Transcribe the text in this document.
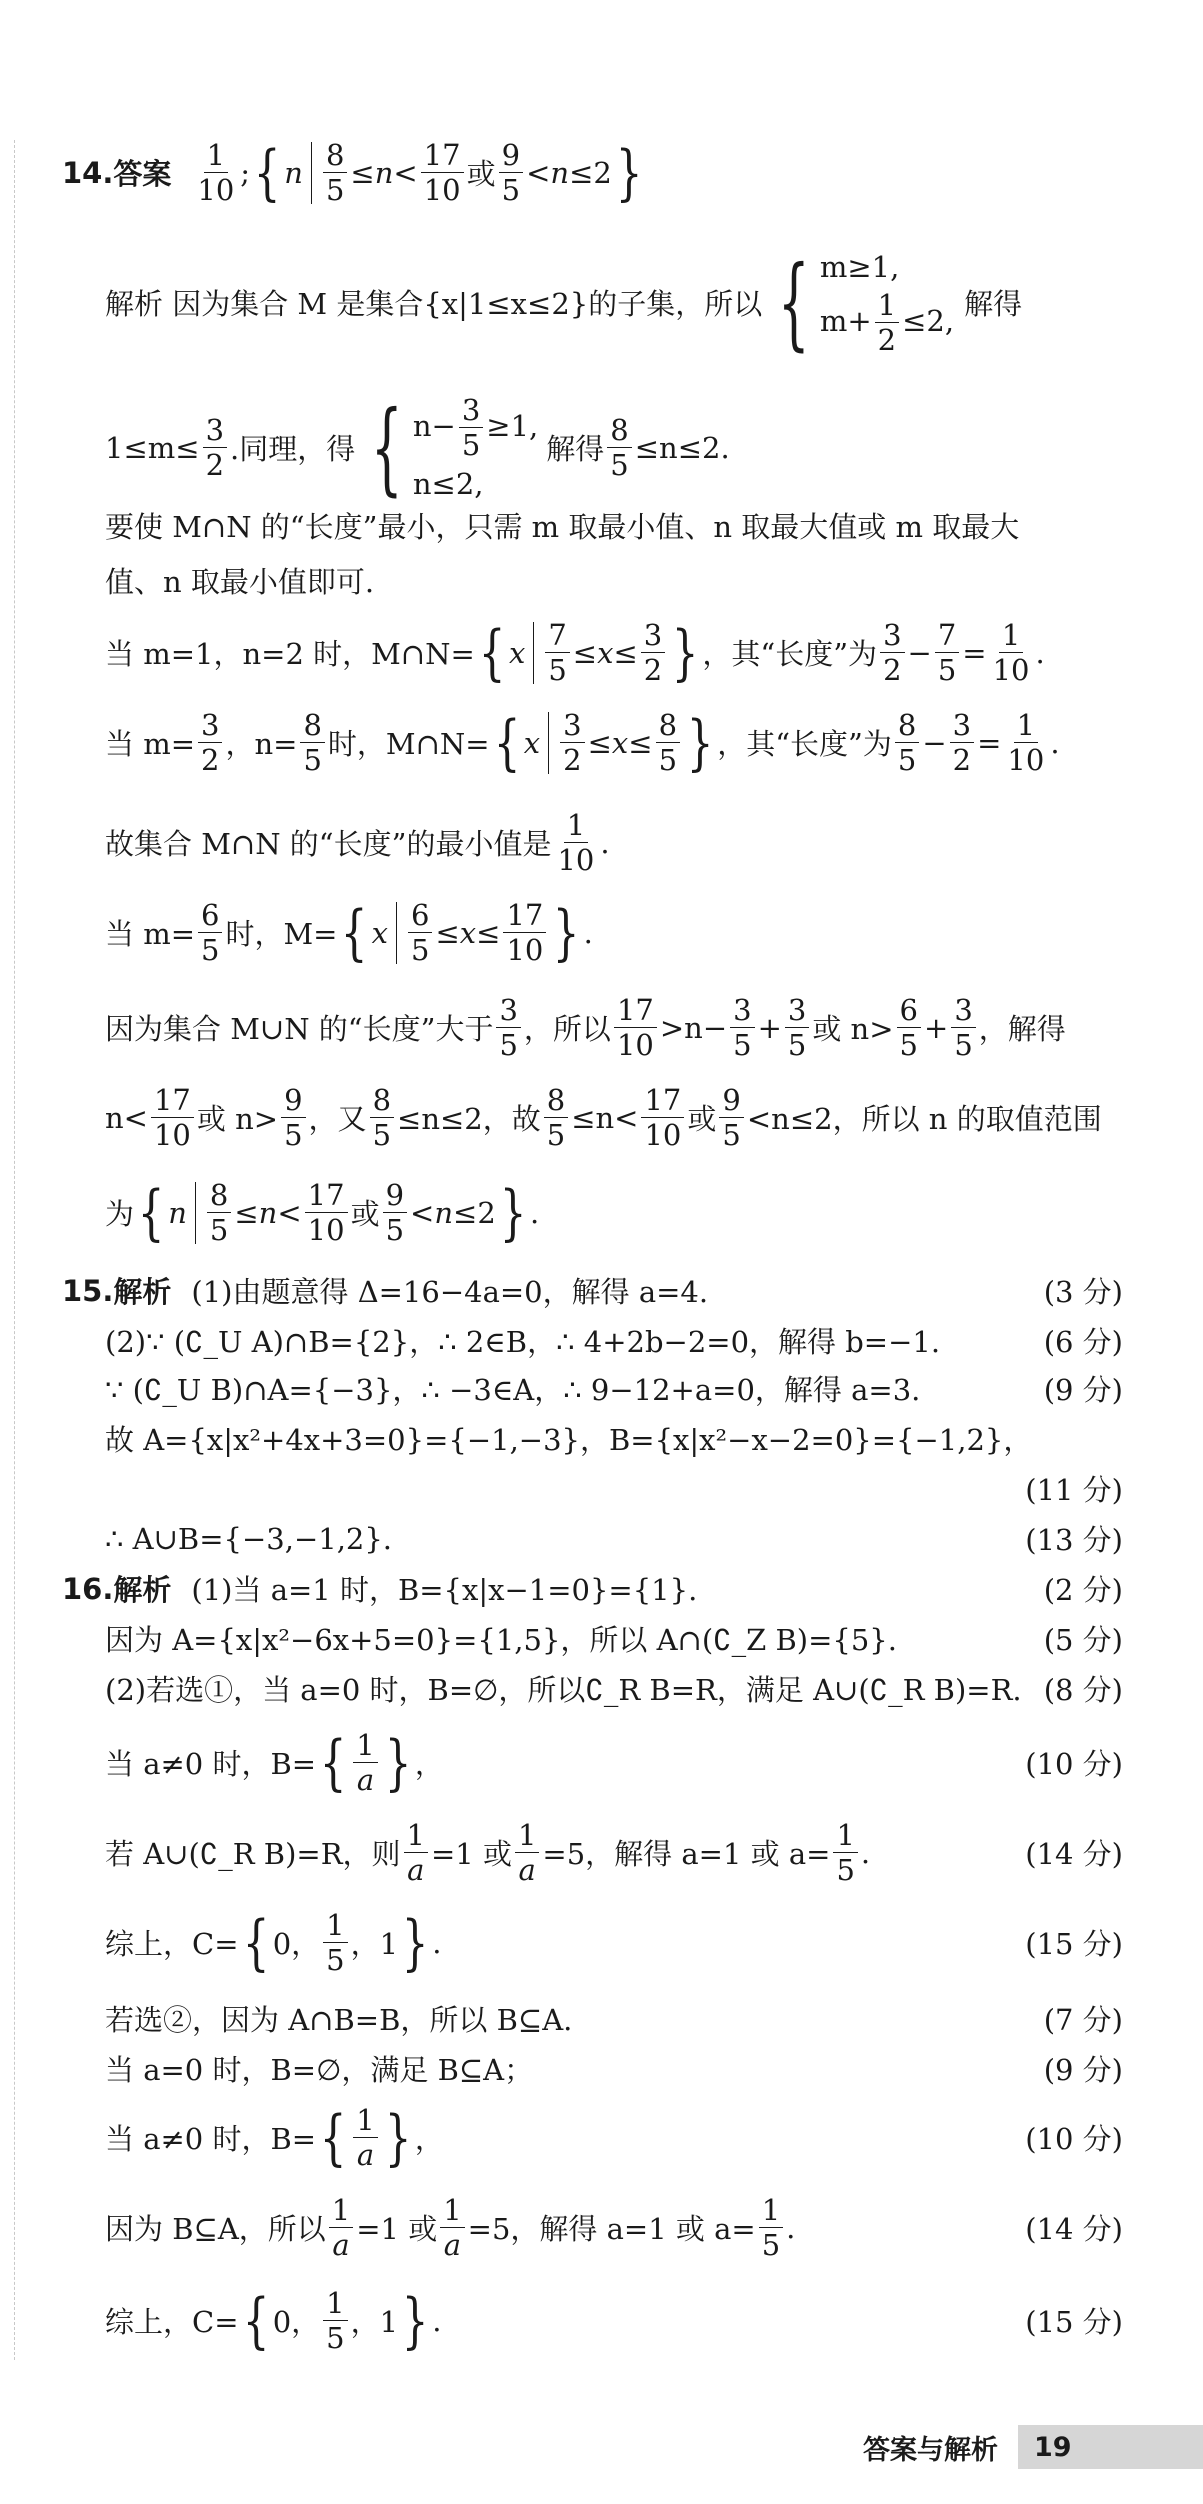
14. 答案 $\frac{1}{10}$ ; { n $\frac{8}{5} \le n < \frac{17}{10}$ 或 $\frac{9}{5} < n \le 2$ }
解析 因为集合 M 是集合{x|1≤x≤2}的子集，所以 { m≥1,
$m+ \frac{1}{2} \le 2$, 解得
$1\le m\le \frac{3}{2}$ .同理，得 { $n- \frac{3}{5} \ge 1$,
n≤2,
解得 $\frac{8}{5} \le n\le 2$.
要使 M∩N 的“长度”最小，只需 m 取最小值、n 取最大值或 m 取最大
值、n 取最小值即可.
当 m=1，n=2 时，M∩N= { x $\frac{7}{5} \le x \le \frac{3}{2}$ } ，其“长度”为 $\frac{3}{2} - \frac{7}{5} = \frac{1}{10}$ .
当 $m= \frac{3}{2}$ ，$n= \frac{8}{5}$ 时，M∩N= { x $\frac{3}{2} \le x \le \frac{8}{5}$ } ，其“长度”为 $\frac{8}{5} - \frac{3}{2} = \frac{1}{10}$ .
故集合 M∩N 的“长度”的最小值是 $\frac{1}{10}$ .
当 $m= \frac{6}{5}$ 时，M= { x $\frac{6}{5} \le x \le \frac{17}{10}$ } .
因为集合 M∪N 的“长度”大于 $\frac{3}{5}$ ，所以 $\frac{17}{10} >n- \frac{3}{5} + \frac{3}{5}$ 或 $n> \frac{6}{5} + \frac{3}{5}$ ，解得
$n< \frac{17}{10}$ 或 $n> \frac{9}{5}$ ，又 $\frac{8}{5} \le n\le 2$，故 $\frac{8}{5} \le n< \frac{17}{10}$ 或 $\frac{9}{5} <n\le 2$，所以 n 的取值范围
为 { n $\frac{8}{5} \le n < \frac{17}{10}$ 或 $\frac{9}{5} < n \le 2$ } .
15. 解析 (1)由题意得 Δ=16−4a=0，解得 a=4.	(3 分)
(2)∵ (∁_U A)∩B={2}，∴ 2∈B，∴ 4+2b−2=0，解得 b=−1.	(6 分)
∵ (∁_U B)∩A={−3}，∴ −3∈A，∴ 9−12+a=0，解得 a=3.	(9 分)
故 A={x|x²+4x+3=0}={−1,−3}，B={x|x²−x−2=0}={−1,2}，
(11 分)
∴ A∪B={−3,−1,2}.	(13 分)
16. 解析 (1)当 a=1 时，B={x|x−1=0}={1}.	(2 分)
因为 A={x|x²−6x+5=0}={1,5}，所以 A∩(∁_Z B)={5}.	(5 分)
(2)若选①，当 a=0 时，B=∅，所以∁_R B=R，满足 A∪(∁_R B)=R. (8 分)
当 a≠0 时，B= { $\frac{1}{a}$ } ，	(10 分)
若 A∪(∁_R B)=R，则 $\frac{1}{a} =1$ 或 $\frac{1}{a} =5$，解得 a=1 或 $a= \frac{1}{5}$ .	(14 分)
综上，C= { 0， $\frac{1}{5}$ ，1 } .	(15 分)
若选②，因为 A∩B=B，所以 B⊆A.	(7 分)
当 a=0 时，B=∅，满足 B⊆A；	(9 分)
当 a≠0 时，B= { $\frac{1}{a}$ } ，	(10 分)
因为 B⊆A，所以 $\frac{1}{a} =1$ 或 $\frac{1}{a} =5$，解得 a=1 或 $a= \frac{1}{5}$ .	(14 分)
综上，C= { 0， $\frac{1}{5}$ ，1 } .	(15 分)
答案与解析	19
